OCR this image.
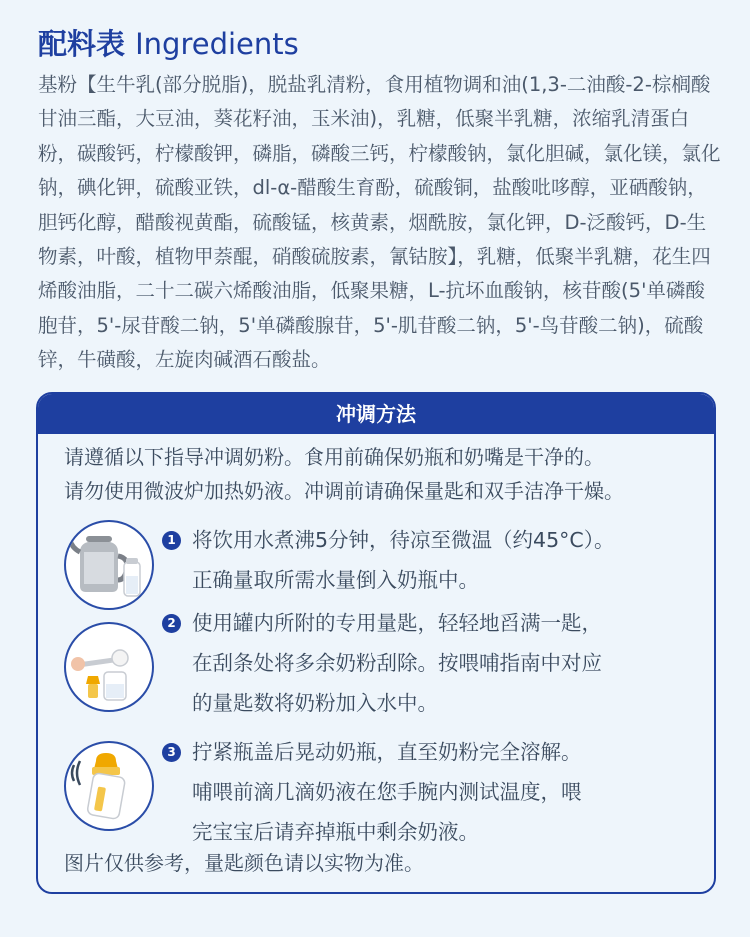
配料表 Ingredients
基粉【生牛乳(部分脱脂)，脱盐乳清粉，食用植物调和油(1,3-二油酸-2-棕榈酸甘油三酯，大豆油，葵花籽油，玉米油)，乳糖，低聚半乳糖，浓缩乳清蛋白粉，碳酸钙，柠檬酸钾，磷脂，磷酸三钙，柠檬酸钠，氯化胆碱，氯化镁，氯化钠，碘化钾，硫酸亚铁，dl-α-醋酸生育酚，硫酸铜，盐酸吡哆醇，亚硒酸钠，胆钙化醇，醋酸视黄酯，硫酸锰，核黄素，烟酰胺，氯化钾，D-泛酸钙，D-生物素，叶酸，植物甲萘醌，硝酸硫胺素，氰钴胺】，乳糖，低聚半乳糖，花生四烯酸油脂，二十二碳六烯酸油脂，低聚果糖，L-抗坏血酸钠，核苷酸(5'单磷酸胞苷，5'-尿苷酸二钠，5'单磷酸腺苷，5'-肌苷酸二钠，5'-鸟苷酸二钠)，硫酸锌，牛磺酸，左旋肉碱酒石酸盐。
冲调方法
请遵循以下指导冲调奶粉。食用前确保奶瓶和奶嘴是干净的。
请勿使用微波炉加热奶液。冲调前请确保量匙和双手洁净干燥。
1 将饮用水煮沸5分钟，待凉至微温（约45°C）。
正确量取所需水量倒入奶瓶中。
2 使用罐内所附的专用量匙，轻轻地舀满一匙，
在刮条处将多余奶粉刮除。按喂哺指南中对应
的量匙数将奶粉加入水中。
3 拧紧瓶盖后晃动奶瓶，直至奶粉完全溶解。
哺喂前滴几滴奶液在您手腕内测试温度，喂
完宝宝后请弃掉瓶中剩余奶液。
图片仅供参考，量匙颜色请以实物为准。
